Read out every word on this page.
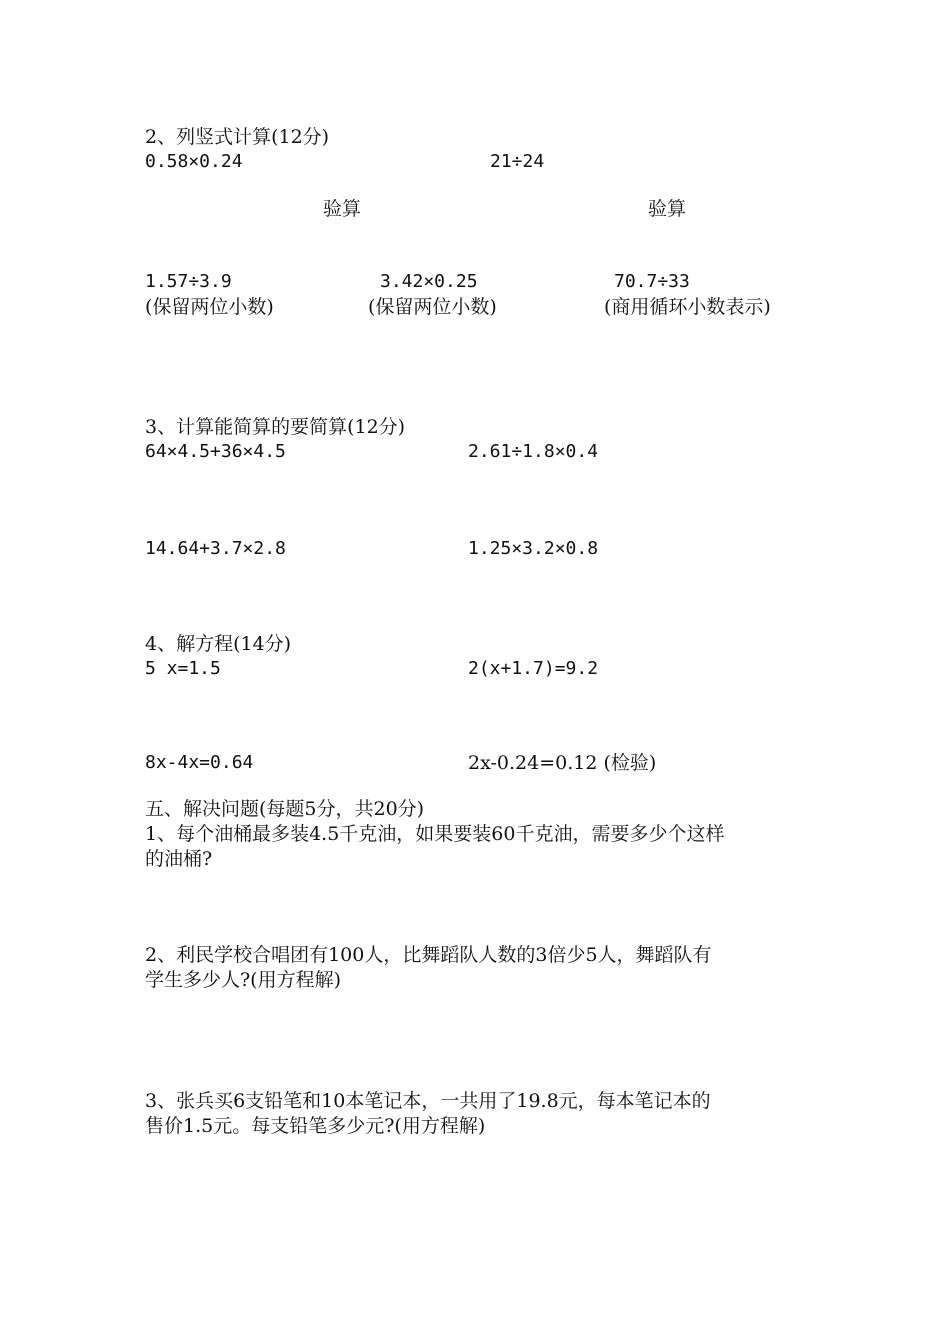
2、列竖式计算(12分)
0.58×0.24	21÷24
验算	验算
1.57÷3.9	3.42×0.25	70.7÷33
(保留两位小数)	(保留两位小数)	(商用循环小数表示)
3、计算能简算的要简算(12分)
64×4.5+36×4.5	2.61÷1.8×0.4
14.64+3.7×2.8	1.25×3.2×0.8
4、解方程(14分)
5 x=1.5	2(x+1.7)=9.2
8x-4x=0.64	2x-0.24=0.12 (检验)
五、解决问题(每题5分，共20分)
1、每个油桶最多装4.5千克油，如果要装60千克油，需要多少个这样
的油桶?
2、利民学校合唱团有100人，比舞蹈队人数的3倍少5人，舞蹈队有
学生多少人?(用方程解)
3、张兵买6支铅笔和10本笔记本，一共用了19.8元，每本笔记本的
售价1.5元。每支铅笔多少元?(用方程解)
